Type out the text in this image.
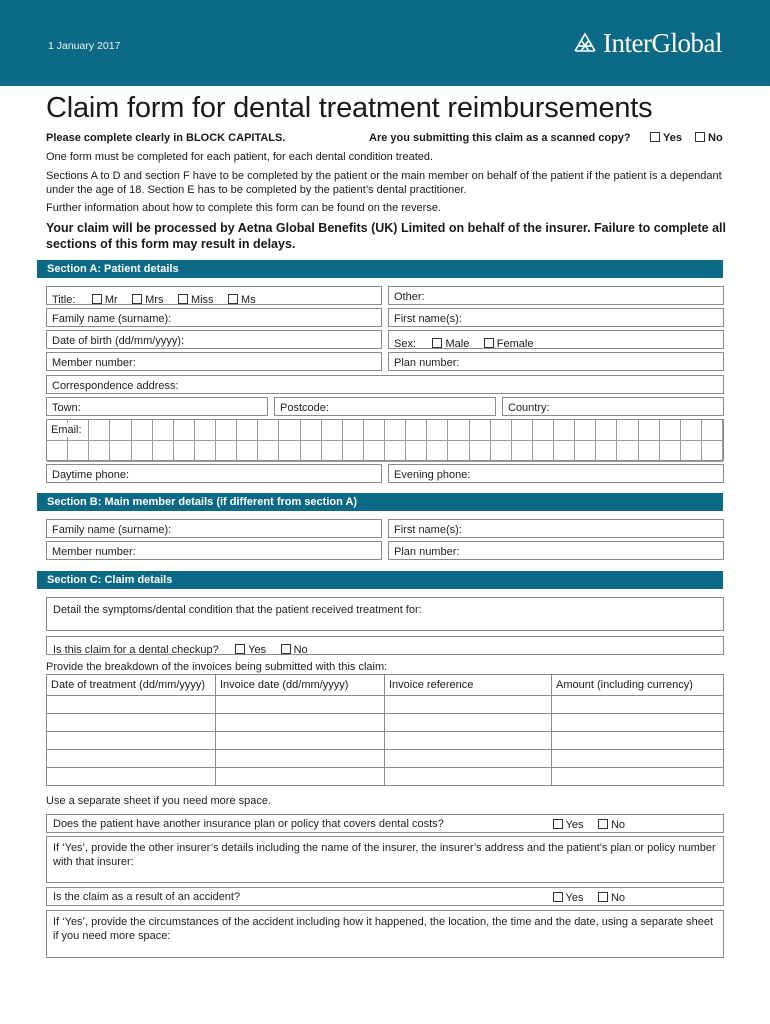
1 January 2017	InterGlobal
Claim form for dental treatment reimbursements
Please complete clearly in BLOCK CAPITALS.	Are you submitting this claim as a scanned copy?	Yes No
One form must be completed for each patient, for each dental condition treated.
Sections A to D and section F have to be completed by the patient or the main member on behalf of the patient if the patient is a dependant under the age of 18. Section E has to be completed by the patient’s dental practitioner.
Further information about how to complete this form can be found on the reverse.
Your claim will be processed by Aetna Global Benefits (UK) Limited on behalf of the insurer. Failure to complete all sections of this form may result in delays.
Section A: Patient details
Title:	Mr Mrs Miss Ms	Other:
Family name (surname):	First name(s):
Date of birth (dd/mm/yyyy):	Sex:	Male Female
Member number:	Plan number:
Correspondence address:
Town:	Postcode:	Country:
Email:
Daytime phone:	Evening phone:
Section B: Main member details (if different from section A)
Family name (surname):	First name(s):
Member number:	Plan number:
Section C: Claim details
Detail the symptoms/dental condition that the patient received treatment for:
Is this claim for a dental checkup?	Yes No
Provide the breakdown of the invoices being submitted with this claim:
Date of treatment (dd/mm/yyyy)	Invoice date (dd/mm/yyyy)	Invoice reference	Amount (including currency)

Use a separate sheet if you need more space.
Does the patient have another insurance plan or policy that covers dental costs?	Yes No
If ‘Yes’, provide the other insurer’s details including the name of the insurer, the insurer’s address and the patient’s plan or policy number with that insurer:
Is the claim as a result of an accident?	Yes No
If ‘Yes’, provide the circumstances of the accident including how it happened, the location, the time and the date, using a separate sheet if you need more space:
